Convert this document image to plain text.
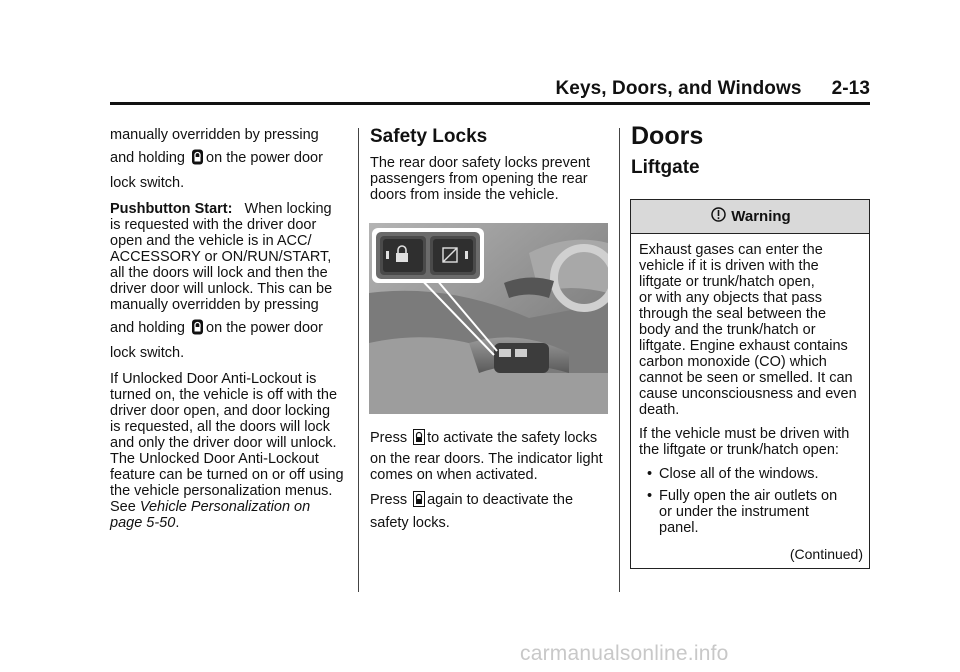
Keys, Doors, and Windows 2-13
manually overridden by pressing
and holding on the power door
lock switch.
Pushbutton Start: When locking
is requested with the driver door
open and the vehicle is in ACC/
ACCESSORY or ON/RUN/START,
all the doors will lock and then the
driver door will unlock. This can be
manually overridden by pressing
and holding on the power door
lock switch.
If Unlocked Door Anti-Lockout is
turned on, the vehicle is off with the
driver door open, and door locking
is requested, all the doors will lock
and only the driver door will unlock.
The Unlocked Door Anti-Lockout
feature can be turned on or off using
the vehicle personalization menus.
See Vehicle Personalization on
page 5-50.
Safety Locks
The rear door safety locks prevent
passengers from opening the rear
doors from inside the vehicle.
Press to activate the safety locks
on the rear doors. The indicator light
comes on when activated.
Press again to deactivate the
safety locks.
Doors
Liftgate
Warning

Exhaust gases can enter the
vehicle if it is driven with the
liftgate or trunk/hatch open,
or with any objects that pass
through the seal between the
body and the trunk/hatch or
liftgate. Engine exhaust contains
carbon monoxide (CO) which
cannot be seen or smelled. It can
cause unconsciousness and even
death.

If the vehicle must be driven with
the liftgate or trunk/hatch open:

• Close all of the windows.
• Fully open the air outlets on
or under the instrument
panel.
(Continued)
carmanualsonline.info
